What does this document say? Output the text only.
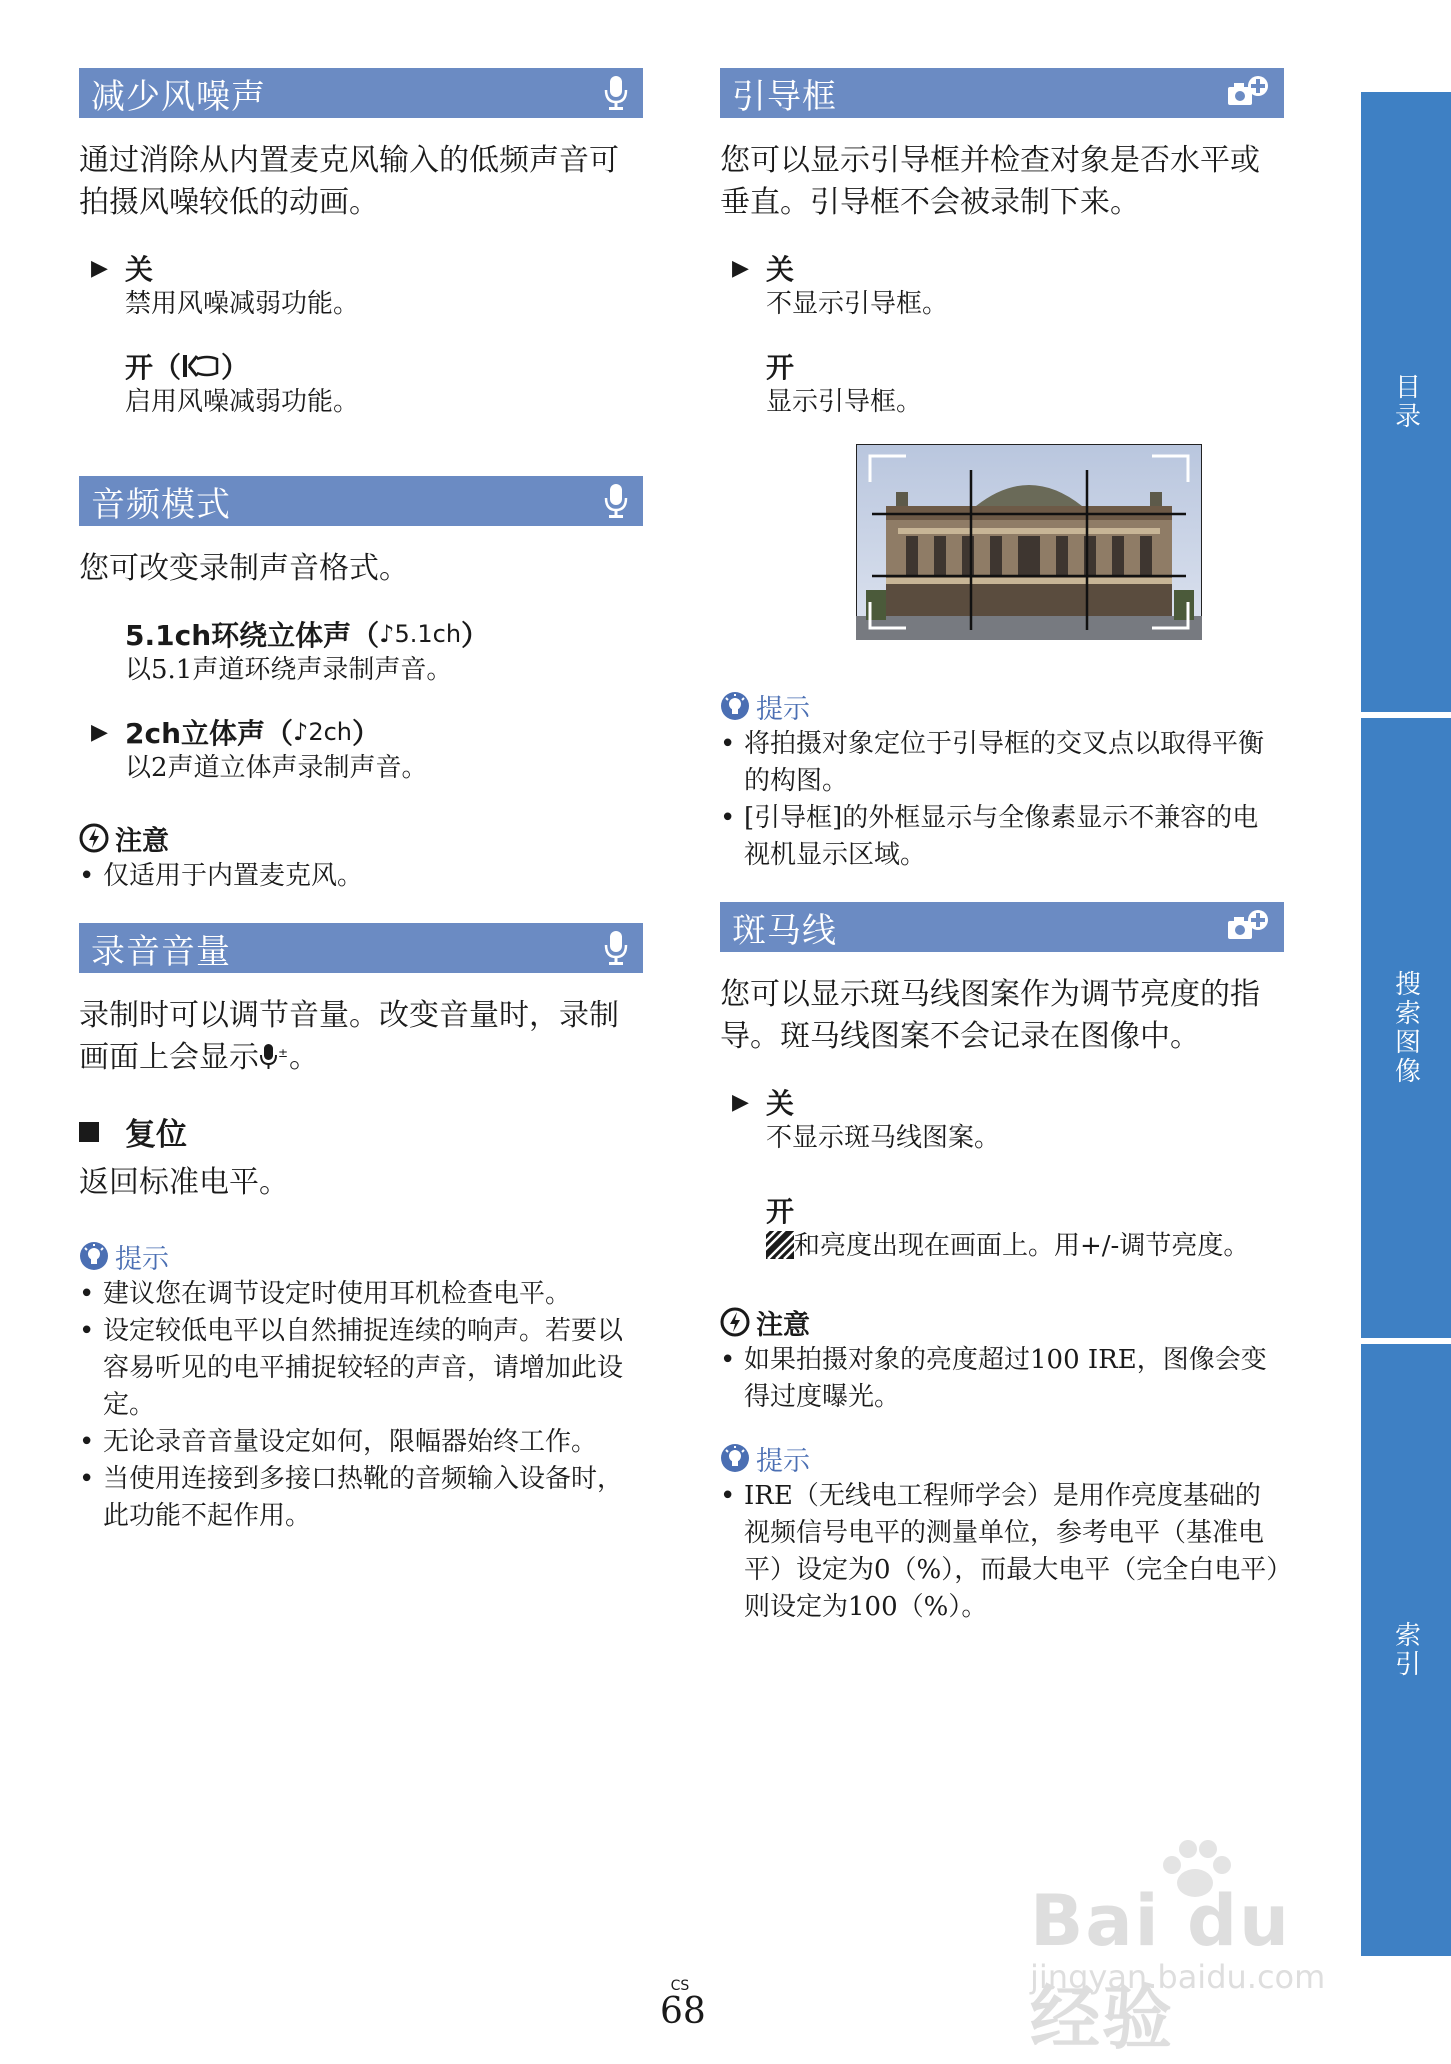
减少风噪声

通过消除从内置麦克风输入的低频声音可拍摄风噪较低的动画。

▶ 关
禁用风噪减弱功能。
开（ ）
启用风噪减弱功能。
音频模式

您可改变录制声音格式。

5.1ch环绕立体声（ ♪ 5.1ch ）
以5.1声道环绕声录制声音。
▶ 2ch立体声（ ♪ 2ch ）
以2声道立体声录制声音。
注意
• 仅适用于内置麦克风。
录音音量

录制时可以调节音量。改变音量时，录制画面上会显示 ± 。

复位

返回标准电平。

提示
• 建议您在调节设定时使用耳机检查电平。
• 设定较低电平以自然捕捉连续的响声。若要以容易听见的电平捕捉较轻的声音，请增加此设定。
• 无论录音音量设定如何，限幅器始终工作。
• 当使用连接到多接口热靴的音频输入设备时，此功能不起作用。
引导框

您可以显示引导框并检查对象是否水平或垂直。引导框不会被录制下来。

▶ 关
不显示引导框。
开
显示引导框。
提示
• 将拍摄对象定位于引导框的交叉点以取得平衡的构图。
• [引导框]的外框显示与全像素显示不兼容的电视机显示区域。
斑马线

您可以显示斑马线图案作为调节亮度的指导。斑马线图案不会记录在图像中。

▶ 关
不显示斑马线图案。
开
和亮度出现在画面上。用+/-调节亮度。
注意
• 如果拍摄对象的亮度超过100 IRE，图像会变得过度曝光。
提示
• IRE（无线电工程师学会）是用作亮度基础的视频信号电平的测量单位，参考电平（基准电平）设定为0（%），而最大电平（完全白电平）则设定为100（%）。
目录
搜索图像
索引
CS
68
Bai du 经验
jingyan.baidu.com
